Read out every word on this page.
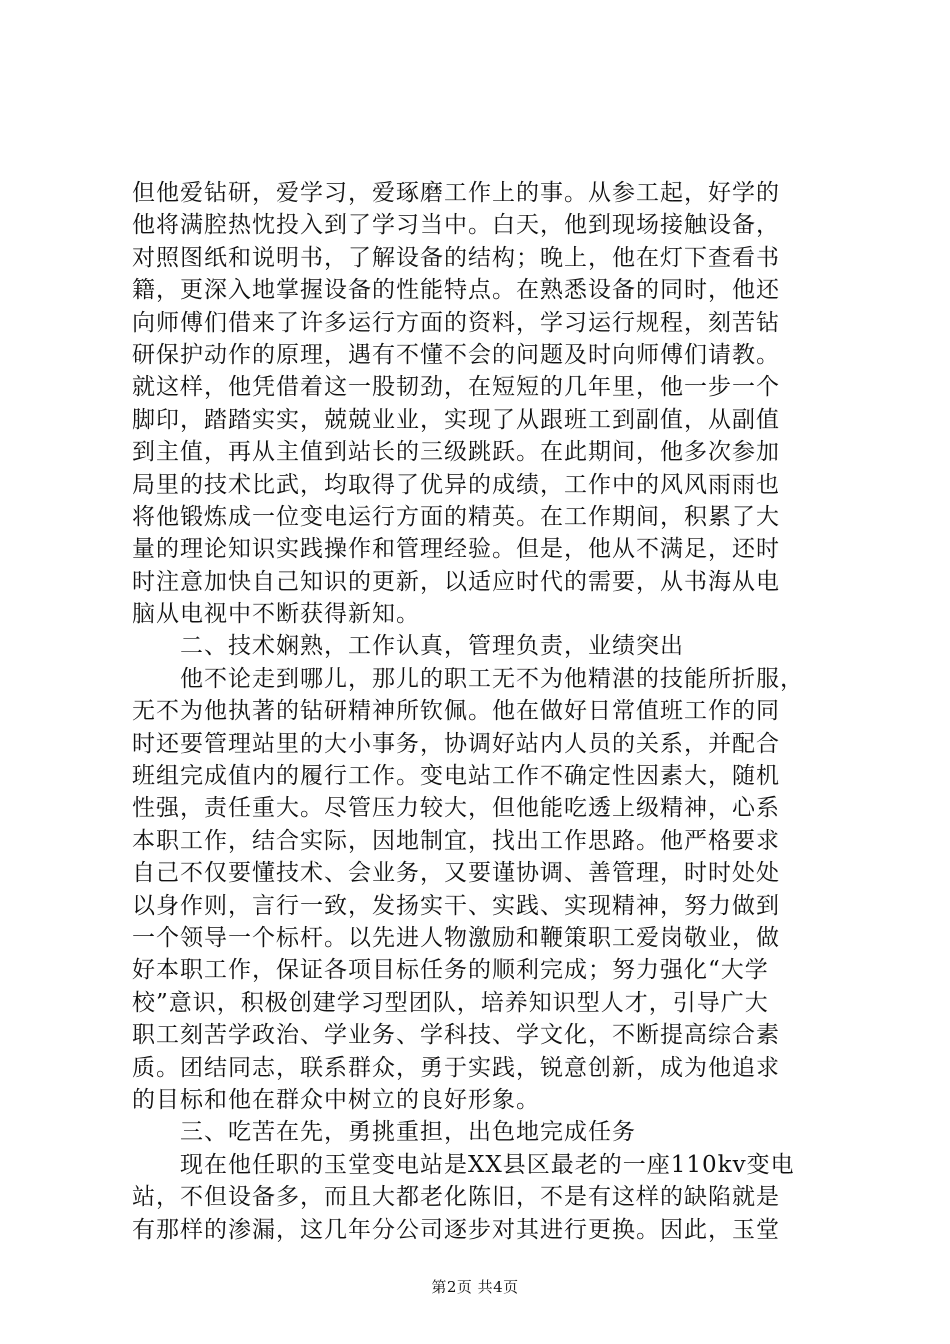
但他爱钻研，爱学习，爱琢磨工作上的事。从参工起，好学的
他将满腔热忱投入到了学习当中。白天，他到现场接触设备，
对照图纸和说明书，了解设备的结构；晚上，他在灯下查看书
籍，更深入地掌握设备的性能特点。在熟悉设备的同时，他还
向师傅们借来了许多运行方面的资料，学习运行规程，刻苦钻
研保护动作的原理，遇有不懂不会的问题及时向师傅们请教。
就这样，他凭借着这一股韧劲，在短短的几年里，他一步一个
脚印，踏踏实实，兢兢业业，实现了从跟班工到副值，从副值
到主值，再从主值到站长的三级跳跃。在此期间，他多次参加
局里的技术比武，均取得了优异的成绩，工作中的风风雨雨也
将他锻炼成一位变电运行方面的精英。在工作期间，积累了大
量的理论知识实践操作和管理经验。但是，他从不满足，还时
时注意加快自己知识的更新，以适应时代的需要，从书海从电
脑从电视中不断获得新知。
　　二、技术娴熟，工作认真，管理负责，业绩突出
　　他不论走到哪儿，那儿的职工无不为他精湛的技能所折服，
无不为他执著的钻研精神所钦佩。他在做好日常值班工作的同
时还要管理站里的大小事务，协调好站内人员的关系，并配合
班组完成值内的履行工作。变电站工作不确定性因素大，随机
性强，责任重大。尽管压力较大，但他能吃透上级精神，心系
本职工作，结合实际，因地制宜，找出工作思路。他严格要求
自己不仅要懂技术、会业务，又要谨协调、善管理，时时处处
以身作则，言行一致，发扬实干、实践、实现精神，努力做到
一个领导一个标杆。以先进人物激励和鞭策职工爱岗敬业，做
好本职工作，保证各项目标任务的顺利完成；努力强化“大学
校”意识，积极创建学习型团队，培养知识型人才，引导广大
职工刻苦学政治、学业务、学科技、学文化，不断提高综合素
质。团结同志，联系群众，勇于实践，锐意创新，成为他追求
的目标和他在群众中树立的良好形象。
　　三、吃苦在先，勇挑重担，出色地完成任务
　　现在他任职的玉堂变电站是XX县区最老的一座110kv变电
站，不但设备多，而且大都老化陈旧，不是有这样的缺陷就是
有那样的渗漏，这几年分公司逐步对其进行更换。因此，玉堂
第2页 共4页
